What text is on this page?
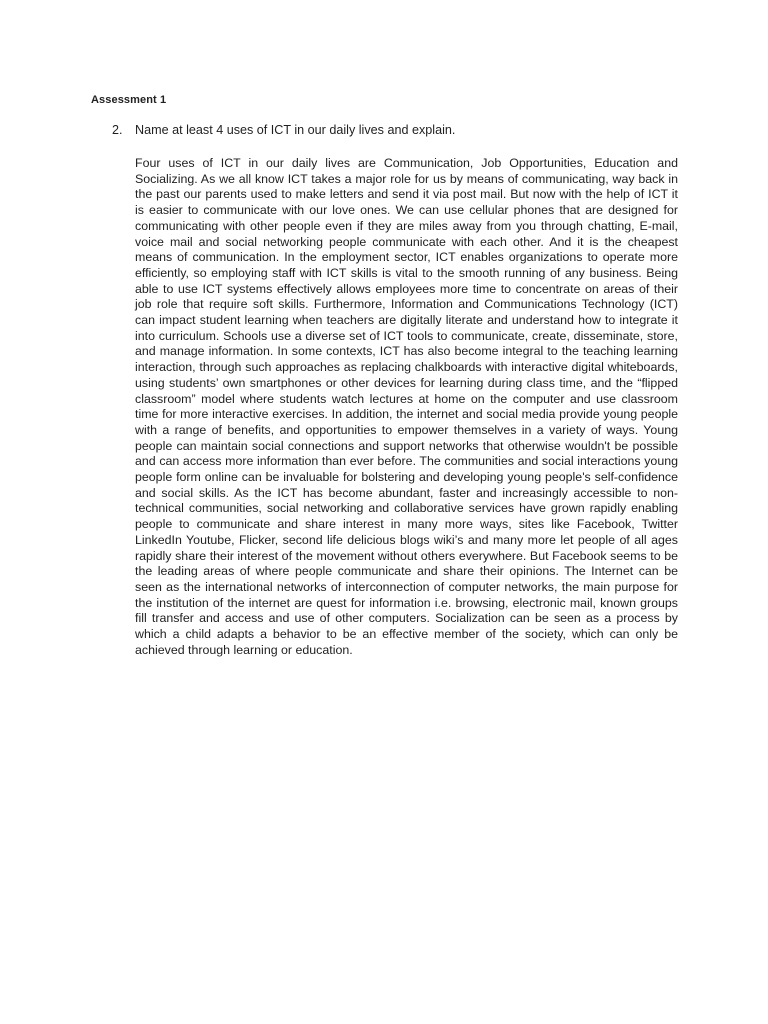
Assessment 1
2. Name at least 4 uses of ICT in our daily lives and explain.

Four uses of ICT in our daily lives are Communication, Job Opportunities, Education and Socializing. As we all know ICT takes a major role for us by means of communicating, way back in the past our parents used to make letters and send it via post mail. But now with the help of ICT it is easier to communicate with our love ones. We can use cellular phones that are designed for communicating with other people even if they are miles away from you through chatting, E-mail, voice mail and social networking people communicate with each other. And it is the cheapest means of communication. In the employment sector, ICT enables organizations to operate more efficiently, so employing staff with ICT skills is vital to the smooth running of any business. Being able to use ICT systems effectively allows employees more time to concentrate on areas of their job role that require soft skills. Furthermore, Information and Communications Technology (ICT) can impact student learning when teachers are digitally literate and understand how to integrate it into curriculum. Schools use a diverse set of ICT tools to communicate, create, disseminate, store, and manage information. In some contexts, ICT has also become integral to the teaching learning interaction, through such approaches as replacing chalkboards with interactive digital whiteboards, using students’ own smartphones or other devices for learning during class time, and the “flipped classroom” model where students watch lectures at home on the computer and use classroom time for more interactive exercises. In addition, the internet and social media provide young people with a range of benefits, and opportunities to empower themselves in a variety of ways. Young people can maintain social connections and support networks that otherwise wouldn't be possible and can access more information than ever before. The communities and social interactions young people form online can be invaluable for bolstering and developing young people's self-confidence and social skills. As the ICT has become abundant, faster and increasingly accessible to non-technical communities, social networking and collaborative services have grown rapidly enabling people to communicate and share interest in many more ways, sites like Facebook, Twitter LinkedIn Youtube, Flicker, second life delicious blogs wiki’s and many more let people of all ages rapidly share their interest of the movement without others everywhere. But Facebook seems to be the leading areas of where people communicate and share their opinions. The Internet can be seen as the international networks of interconnection of computer networks, the main purpose for the institution of the internet are quest for information i.e. browsing, electronic mail, known groups fill transfer and access and use of other computers. Socialization can be seen as a process by which a child adapts a behavior to be an effective member of the society, which can only be achieved through learning or education.
